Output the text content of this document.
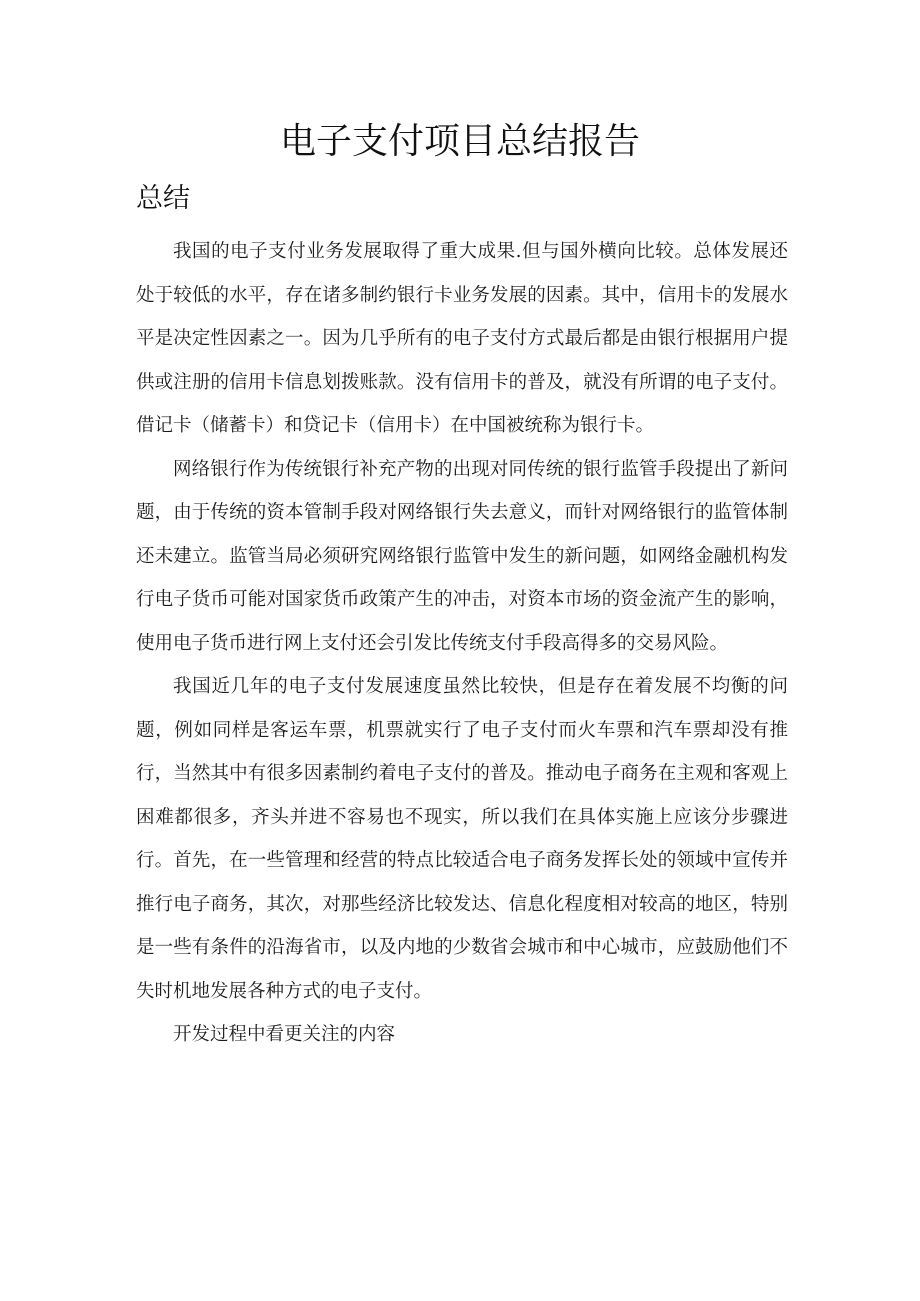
电子支付项目总结报告
总结

我国的电子支付业务发展取得了重大成果.但与国外横向比较。总体发展还处于较低的水平，存在诸多制约银行卡业务发展的因素。其中，信用卡的发展水平是决定性因素之一。因为几乎所有的电子支付方式最后都是由银行根据用户提供或注册的信用卡信息划拨账款。没有信用卡的普及，就没有所谓的电子支付。借记卡（储蓄卡）和贷记卡（信用卡）在中国被统称为银行卡。

网络银行作为传统银行补充产物的出现对同传统的银行监管手段提出了新问题，由于传统的资本管制手段对网络银行失去意义，而针对网络银行的监管体制还未建立。监管当局必须研究网络银行监管中发生的新问题，如网络金融机构发行电子货币可能对国家货币政策产生的冲击，对资本市场的资金流产生的影响，使用电子货币进行网上支付还会引发比传统支付手段高得多的交易风险。

我国近几年的电子支付发展速度虽然比较快，但是存在着发展不均衡的问题，例如同样是客运车票，机票就实行了电子支付而火车票和汽车票却没有推行，当然其中有很多因素制约着电子支付的普及。推动电子商务在主观和客观上困难都很多，齐头并进不容易也不现实，所以我们在具体实施上应该分步骤进行。首先，在一些管理和经营的特点比较适合电子商务发挥长处的领域中宣传并推行电子商务，其次，对那些经济比较发达、信息化程度相对较高的地区，特别是一些有条件的沿海省市，以及内地的少数省会城市和中心城市，应鼓励他们不失时机地发展各种方式的电子支付。

开发过程中看更关注的内容
